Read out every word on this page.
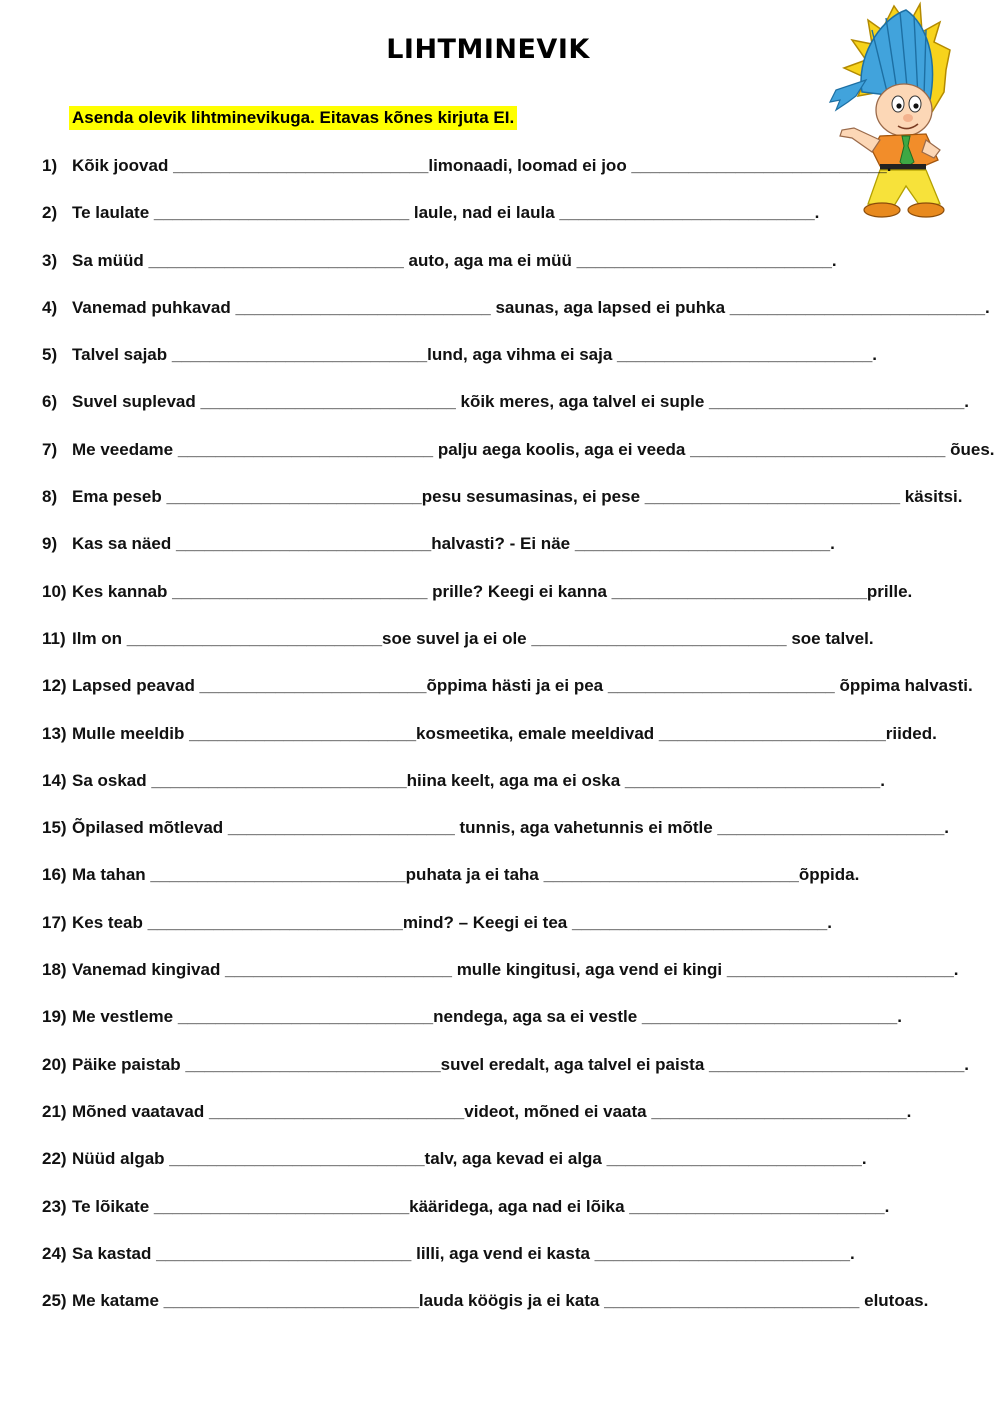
LIHTMINEVIK
Asenda olevik lihtminevikuga. Eitavas kõnes kirjuta EI.
1) Kõik joovad ___________________________limonaadi, loomad ei joo ___________________________.
2) Te laulate ___________________________ laule, nad ei laula ___________________________.
3) Sa müüd ___________________________ auto, aga ma ei müü ___________________________.
4) Vanemad puhkavad ___________________________ saunas, aga lapsed ei puhka ___________________________.
5) Talvel sajab ___________________________lund, aga vihma ei saja ___________________________.
6) Suvel suplevad ___________________________ kõik meres, aga talvel ei suple ___________________________.
7) Me veedame ___________________________ palju aega koolis, aga ei veeda ___________________________ õues.
8) Ema peseb ___________________________pesu sesumasinas, ei pese ___________________________ käsitsi.
9) Kas sa näed ___________________________halvasti? - Ei näe ___________________________.
10) Kes kannab ___________________________ prille? Keegi ei kanna ___________________________prille.
11) Ilm on ___________________________soe suvel ja ei ole ___________________________ soe talvel.
12) Lapsed peavad ________________________õppima hästi ja ei pea ________________________ õppima halvasti.
13) Mulle meeldib ________________________kosmeetika, emale meeldivad ________________________riided.
14) Sa oskad ___________________________hiina keelt, aga ma ei oska ___________________________.
15) Õpilased mõtlevad ________________________ tunnis, aga vahetunnis ei mõtle ________________________.
16) Ma tahan ___________________________puhata ja ei taha ___________________________õppida.
17) Kes teab ___________________________mind? – Keegi ei tea ___________________________.
18) Vanemad kingivad ________________________ mulle kingitusi, aga vend ei kingi ________________________.
19) Me vestleme ___________________________nendega, aga sa ei vestle ___________________________.
20) Päike paistab ___________________________suvel eredalt, aga talvel ei paista ___________________________.
21) Mõned vaatavad ___________________________videot, mõned ei vaata ___________________________.
22) Nüüd algab ___________________________talv, aga kevad ei alga ___________________________.
23) Te lõikate ___________________________kääridega, aga nad ei lõika ___________________________.
24) Sa kastad ___________________________ lilli, aga vend ei kasta ___________________________.
25) Me katame ___________________________lauda köögis ja ei kata ___________________________ elutoas.
